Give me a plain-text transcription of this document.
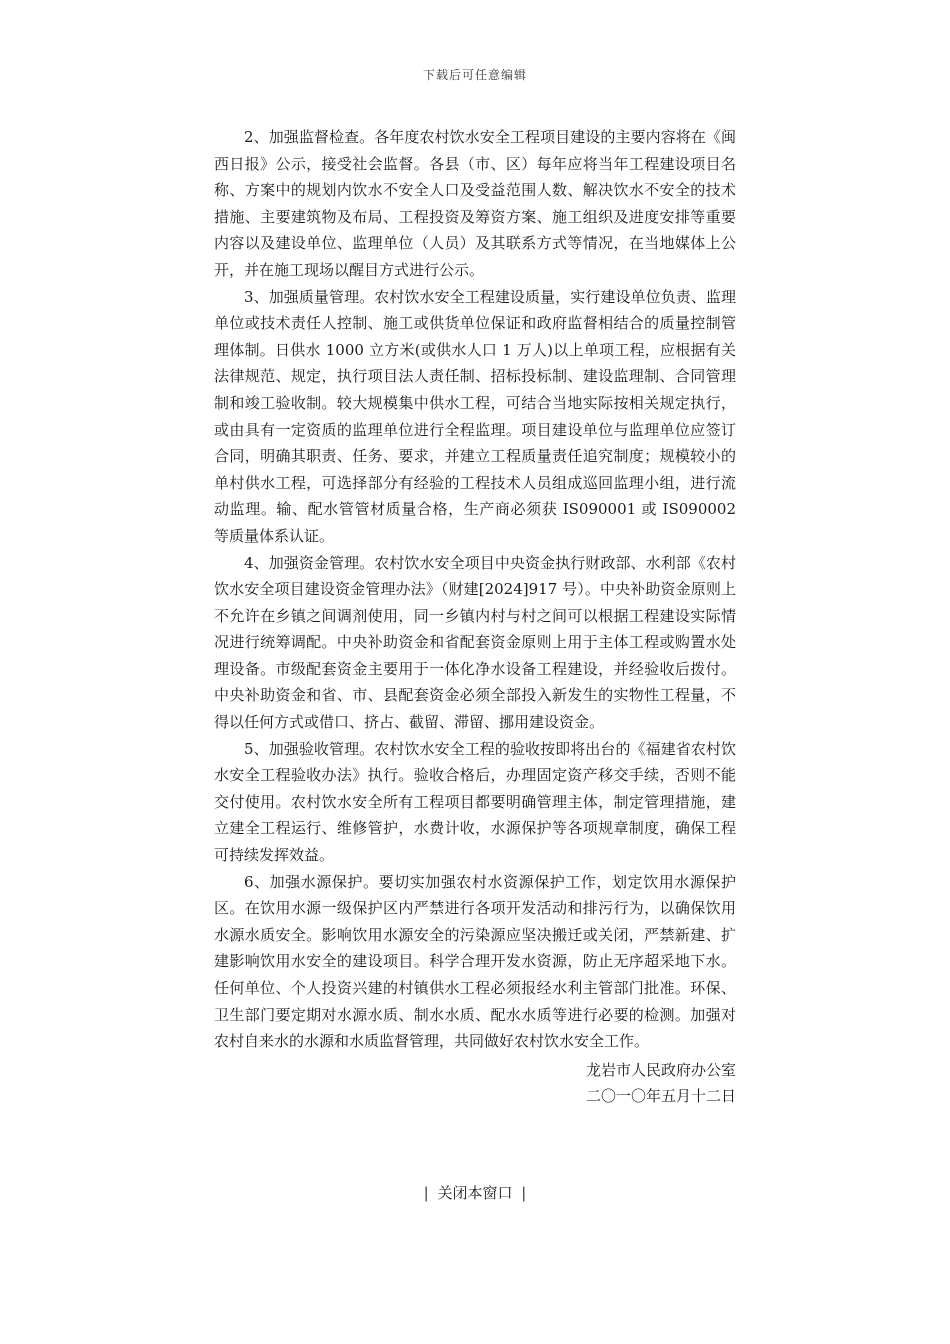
下载后可任意编辑

2、加强监督检查。各年度农村饮水安全工程项目建设的主要内容将在《闽西日报》公示，接受社会监督。各县（市、区）每年应将当年工程建设项目名称、方案中的规划内饮水不安全人口及受益范围人数、解决饮水不安全的技术措施、主要建筑物及布局、工程投资及筹资方案、施工组织及进度安排等重要内容以及建设单位、监理单位（人员）及其联系方式等情况，在当地媒体上公开，并在施工现场以醒目方式进行公示。

3、加强质量管理。农村饮水安全工程建设质量，实行建设单位负责、监理单位或技术责任人控制、施工或供货单位保证和政府监督相结合的质量控制管理体制。日供水 1000 立方米(或供水人口 1 万人)以上单项工程，应根据有关法律规范、规定，执行项目法人责任制、招标投标制、建设监理制、合同管理制和竣工验收制。较大规模集中供水工程，可结合当地实际按相关规定执行，或由具有一定资质的监理单位进行全程监理。项目建设单位与监理单位应签订合同，明确其职责、任务、要求，并建立工程质量责任追究制度；规模较小的单村供水工程，可选择部分有经验的工程技术人员组成巡回监理小组，进行流动监理。输、配水管管材质量合格，生产商必须获 IS090001 或 IS090002 等质量体系认证。

4、加强资金管理。农村饮水安全项目中央资金执行财政部、水利部《农村饮水安全项目建设资金管理办法》（财建[2024]917 号）。中央补助资金原则上不允许在乡镇之间调剂使用，同一乡镇内村与村之间可以根据工程建设实际情况进行统筹调配。中央补助资金和省配套资金原则上用于主体工程或购置水处理设备。市级配套资金主要用于一体化净水设备工程建设，并经验收后拨付。中央补助资金和省、市、县配套资金必须全部投入新发生的实物性工程量，不得以任何方式或借口、挤占、截留、滞留、挪用建设资金。

5、加强验收管理。农村饮水安全工程的验收按即将出台的《福建省农村饮水安全工程验收办法》执行。验收合格后，办理固定资产移交手续，否则不能交付使用。农村饮水安全所有工程项目都要明确管理主体，制定管理措施，建立建全工程运行、维修管护，水费计收，水源保护等各项规章制度，确保工程可持续发挥效益。

6、加强水源保护。要切实加强农村水资源保护工作，划定饮用水源保护区。在饮用水源一级保护区内严禁进行各项开发活动和排污行为，以确保饮用水源水质安全。影响饮用水源安全的污染源应坚决搬迁或关闭，严禁新建、扩建影响饮用水安全的建设项目。科学合理开发水资源，防止无序超采地下水。任何单位、个人投资兴建的村镇供水工程必须报经水利主管部门批准。环保、卫生部门要定期对水源水质、制水水质、配水水质等进行必要的检测。加强对农村自来水的水源和水质监督管理，共同做好农村饮水安全工作。

龙岩市人民政府办公室
二〇一〇年五月十二日
| 关闭本窗口 |
